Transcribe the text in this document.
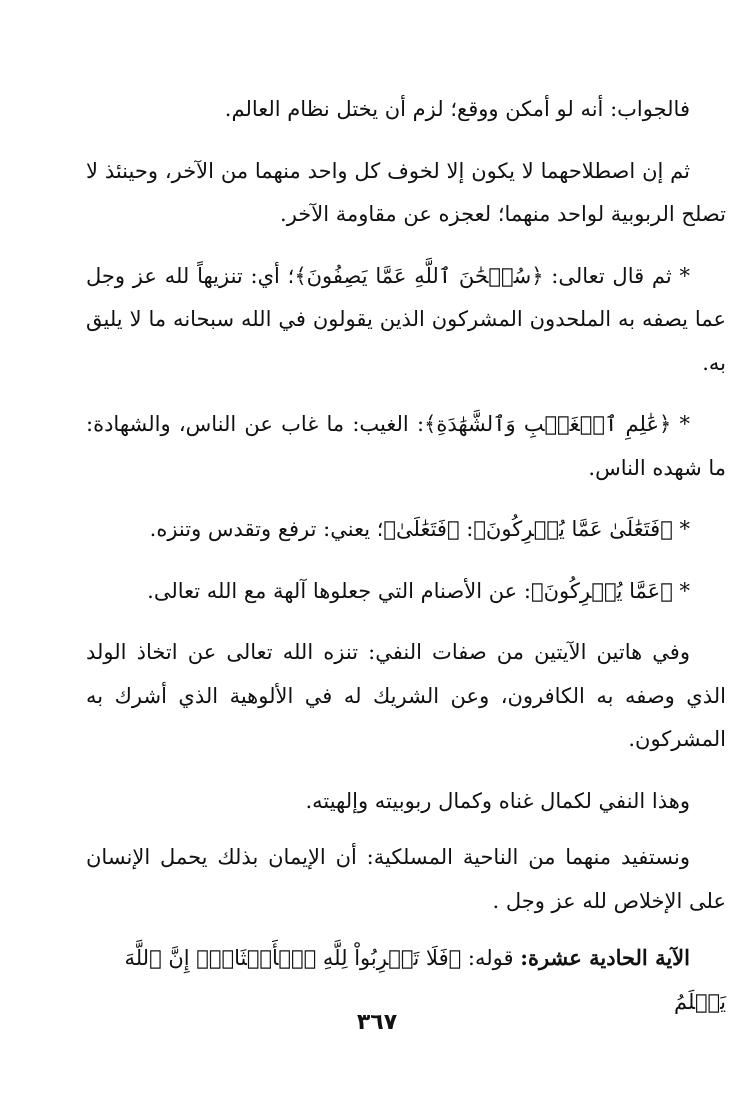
فالجواب: أنه لو أمكن ووقع؛ لزم أن يختل نظام العالم.

ثم إن اصطلاحهما لا يكون إلا لخوف كل واحد منهما من الآخر، وحينئذ لا تصلح الربوبية لواحد منهما؛ لعجزه عن مقاومة الآخر.

* ثم قال تعالى: ﴿سُبۡحَٰنَ ٱللَّهِ عَمَّا يَصِفُونَ﴾؛ أي: تنزيهاً لله عز وجل عما يصفه به الملحدون المشركون الذين يقولون في الله سبحانه ما لا يليق به.

* ﴿عَٰلِمِ ٱلۡغَيۡبِ وَٱلشَّهَٰدَةِ﴾: الغيب: ما غاب عن الناس، والشهادة: ما شهده الناس.

* ﴿فَتَعَٰلَىٰ عَمَّا يُشۡرِكُونَ﴾: ﴿فَتَعَٰلَىٰ﴾؛ يعني: ترفع وتقدس وتنزه.

* ﴿عَمَّا يُشۡرِكُونَ﴾: عن الأصنام التي جعلوها آلهة مع الله تعالى.

وفي هاتين الآيتين من صفات النفي: تنزه الله تعالى عن اتخاذ الولد الذي وصفه به الكافرون، وعن الشريك له في الألوهية الذي أشرك به المشركون.

وهذا النفي لكمال غناه وكمال ربوبيته وإلهيته.

ونستفيد منهما من الناحية المسلكية: أن الإيمان بذلك يحمل الإنسان على الإخلاص لله عز وجل .

الآية الحادية عشرة: قوله: ﴿فَلَا تَضۡرِبُواْ لِلَّهِ ٱلۡأَمۡثَالَۚ إِنَّ ٱللَّهَ يَعۡلَمُ

٣٦٧
